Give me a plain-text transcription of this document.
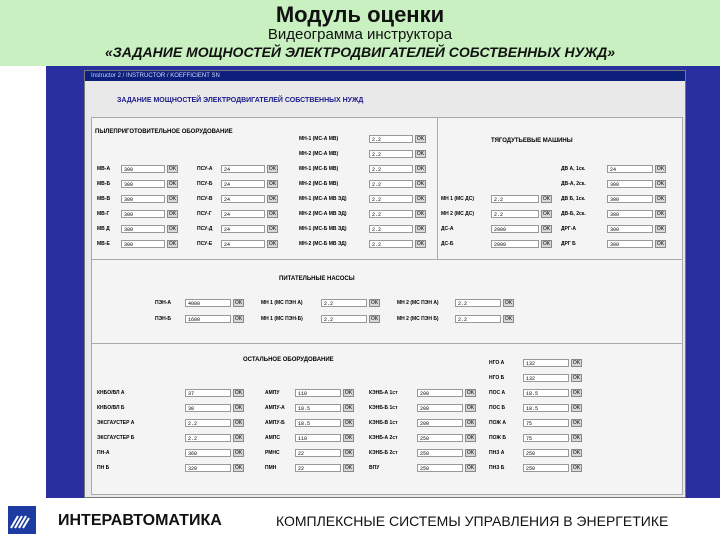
Модуль оценки
Видеограмма инструктора
«ЗАДАНИЕ МОЩНОСТЕЙ ЭЛЕКТРОДВИГАТЕЛЕЙ СОБСТВЕННЫХ НУЖД»
Instructor 2 / INSTRUCTOR / KOEFFICIENT SN
ЗАДАНИЕ МОЩНОСТЕЙ ЭЛЕКТРОДВИГАТЕЛЕЙ СОБСТВЕННЫХ НУЖД
ПЫЛЕПРИГОТОВИТЕЛЬНОЕ ОБОРУДОВАНИЕ
ТЯГОДУТЬЕВЫЕ МАШИНЫ
ПИТАТЕЛЬНЫЕ НАСОСЫ
ОСТАЛЬНОЕ ОБОРУДОВАНИЕ
МВ-А	300	OK
МВ-Б	300	OK
МВ-В	300	OK
МВ-Г	300	OK
МВ Д	300	OK
МВ-Е	300	OK
ПСУ-А	24	OK
ПСУ-Б	24	OK
ПСУ-В	24	OK
ПСУ-Г	24	OK
ПСУ-Д	24	OK
ПСУ-Е	24	OK
МН-1 (МС-А МВ)	2.2	OK
МН-2 (МС-А МВ)	2.2	OK
МН-1 (МС-Б МВ)	2.2	OK
МН-2 (МС-Б МВ)	2.2	OK
МН-1 (МС-А МВ ЭД)	2.2	OK
МН-2 (МС-А МВ ЭД)	2.2	OK
МН-1 (МС-Б МВ ЭД)	2.2	OK
МН-2 (МС-Б МВ ЭД)	2.2	OK
МН 1 (МС ДС)	2.2	OK
МН 2 (МС ДС)	2.2	OK
ДС-А	2000	OK
ДС-Б	2000	OK
ДВ А, 1ск.	24	OK
ДВ-А, 2ск.	300	OK
ДВ Б, 1ск.	300	OK
ДВ-Б, 2ск.	300	OK
ДРГ-А	300	OK
ДРГ Б	300	OK
КНБО/ВЛ А	37	OK
КНБО/ВЛ Б	30	OK
ЭКСГАУСТЕР А	2.2	OK
ЭКСГАУСТЕР Б	2.2	OK
ПН-А	360	OK
ПН Б	320	OK
АМПУ	110	OK
АМПУ-А	18.5	OK
АМПУ-Б	18.5	OK
АМПС	110	OK
РМНС	22	OK
ПМН	22	OK
КЭНБ-А 1ст	200	OK
КЭНБ-Б 1ст	200	OK
КЭНБ-В 1ст	200	OK
КЭНБ-А 2ст	250	OK
КЭНБ-Б 2ст	250	OK
ВПУ	250	OK
НГО А	132	OK
НГО Б	132	OK
ПОС А	18.5	OK
ПОС Б	18.5	OK
ПОЖ А	75	OK
ПОЖ Б	75	OK
ПНЗ А	250	OK
ПНЗ Б	250	OK
ПЭН-А	4000	OK
ПЭН-Б	1600	OK
МН 1 (МС ПЭН А)	2.2	OK
МН 1 (МС ПЭН-Б)	2.2	OK
МН 2 (МС ПЭН А)	2.2	OK
МН 2 (МС ПЭН Б)	2.2	OK
ИНТЕРАВТОМАТИКА	КОМПЛЕКСНЫЕ СИСТЕМЫ УПРАВЛЕНИЯ В ЭНЕРГЕТИКЕ
